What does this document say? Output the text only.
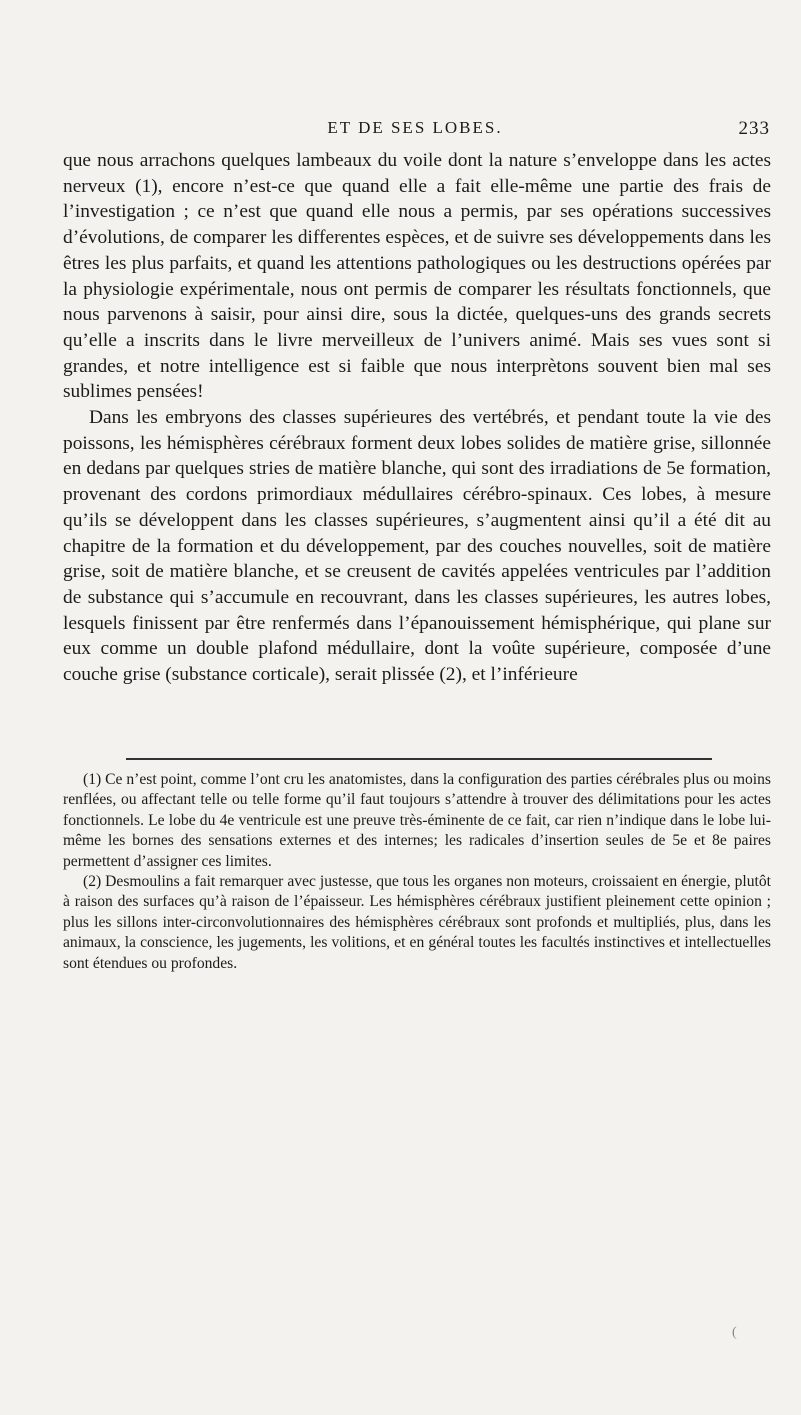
ET DE SES LOBES.	233

que nous arrachons quelques lambeaux du voile dont la nature s’enveloppe dans les actes nerveux (1), encore n’est-ce que quand elle a fait elle-même une partie des frais de l’investigation ; ce n’est que quand elle nous a permis, par ses opérations successives d’évolutions, de comparer les differentes espèces, et de suivre ses développements dans les êtres les plus parfaits, et quand les attentions pathologiques ou les destructions opérées par la physiologie expérimentale, nous ont permis de comparer les résultats fonctionnels, que nous parvenons à saisir, pour ainsi dire, sous la dictée, quelques-uns des grands secrets qu’elle a inscrits dans le livre merveilleux de l’univers animé. Mais ses vues sont si grandes, et notre intelligence est si faible que nous interprètons souvent bien mal ses sublimes pensées!

Dans les embryons des classes supérieures des vertébrés, et pendant toute la vie des poissons, les hémisphères cérébraux forment deux lobes solides de matière grise, sillonnée en dedans par quelques stries de matière blanche, qui sont des irradiations de 5e formation, provenant des cordons primordiaux médullaires cérébro-spinaux. Ces lobes, à mesure qu’ils se développent dans les classes supérieures, s’augmentent ainsi qu’il a été dit au chapitre de la formation et du développement, par des couches nouvelles, soit de matière grise, soit de matière blanche, et se creusent de cavités appelées ventricules par l’addition de substance qui s’accumule en recouvrant, dans les classes supérieures, les autres lobes, lesquels finissent par être renfermés dans l’épanouissement hémisphérique, qui plane sur eux comme un double plafond médullaire, dont la voûte supérieure, composée d’une couche grise (substance corticale), serait plissée (2), et l’inférieure

(1) Ce n’est point, comme l’ont cru les anatomistes, dans la configuration des parties cérébrales plus ou moins renflées, ou affectant telle ou telle forme qu’il faut toujours s’attendre à trouver des délimitations pour les actes fonctionnels. Le lobe du 4e ventricule est une preuve très-éminente de ce fait, car rien n’indique dans le lobe lui-même les bornes des sensations externes et des internes; les radicales d’insertion seules de 5e et 8e paires permettent d’assigner ces limites.

(2) Desmoulins a fait remarquer avec justesse, que tous les organes non moteurs, croissaient en énergie, plutôt à raison des surfaces qu’à raison de l’épaisseur. Les hémisphères cérébraux justifient pleinement cette opinion ; plus les sillons inter-circonvolutionnaires des hémisphères cérébraux sont profonds et multipliés, plus, dans les animaux, la conscience, les jugements, les volitions, et en général toutes les facultés instinctives et intellectuelles sont étendues ou profondes.

(
